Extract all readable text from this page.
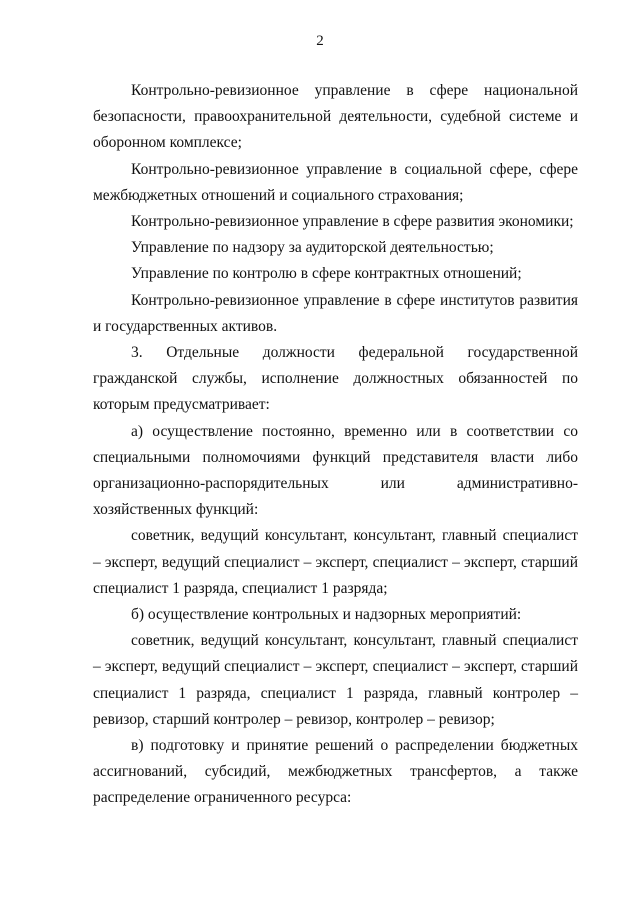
2

Контрольно-ревизионное управление в сфере национальной безопасности, правоохранительной деятельности, судебной системе и оборонном комплексе;

Контрольно-ревизионное управление в социальной сфере, сфере межбюджетных отношений и социального страхования;

Контрольно-ревизионное управление в сфере развития экономики;

Управление по надзору за аудиторской деятельностью;

Управление по контролю в сфере контрактных отношений;

Контрольно-ревизионное управление в сфере институтов развития и государственных активов.

3. Отдельные должности федеральной государственной гражданской службы, исполнение должностных обязанностей по которым предусматривает:

а) осуществление постоянно, временно или в соответствии со специальными полномочиями функций представителя власти либо организационно-распорядительных или административно-хозяйственных функций:

советник, ведущий консультант, консультант, главный специалист – эксперт, ведущий специалист – эксперт, специалист – эксперт, старший специалист 1 разряда, специалист 1 разряда;

б) осуществление контрольных и надзорных мероприятий:

советник, ведущий консультант, консультант, главный специалист – эксперт, ведущий специалист – эксперт, специалист – эксперт, старший специалист 1 разряда, специалист 1 разряда, главный контролер – ревизор, старший контролер – ревизор, контролер – ревизор;

в) подготовку и принятие решений о распределении бюджетных ассигнований, субсидий, межбюджетных трансфертов, а также распределение ограниченного ресурса:
